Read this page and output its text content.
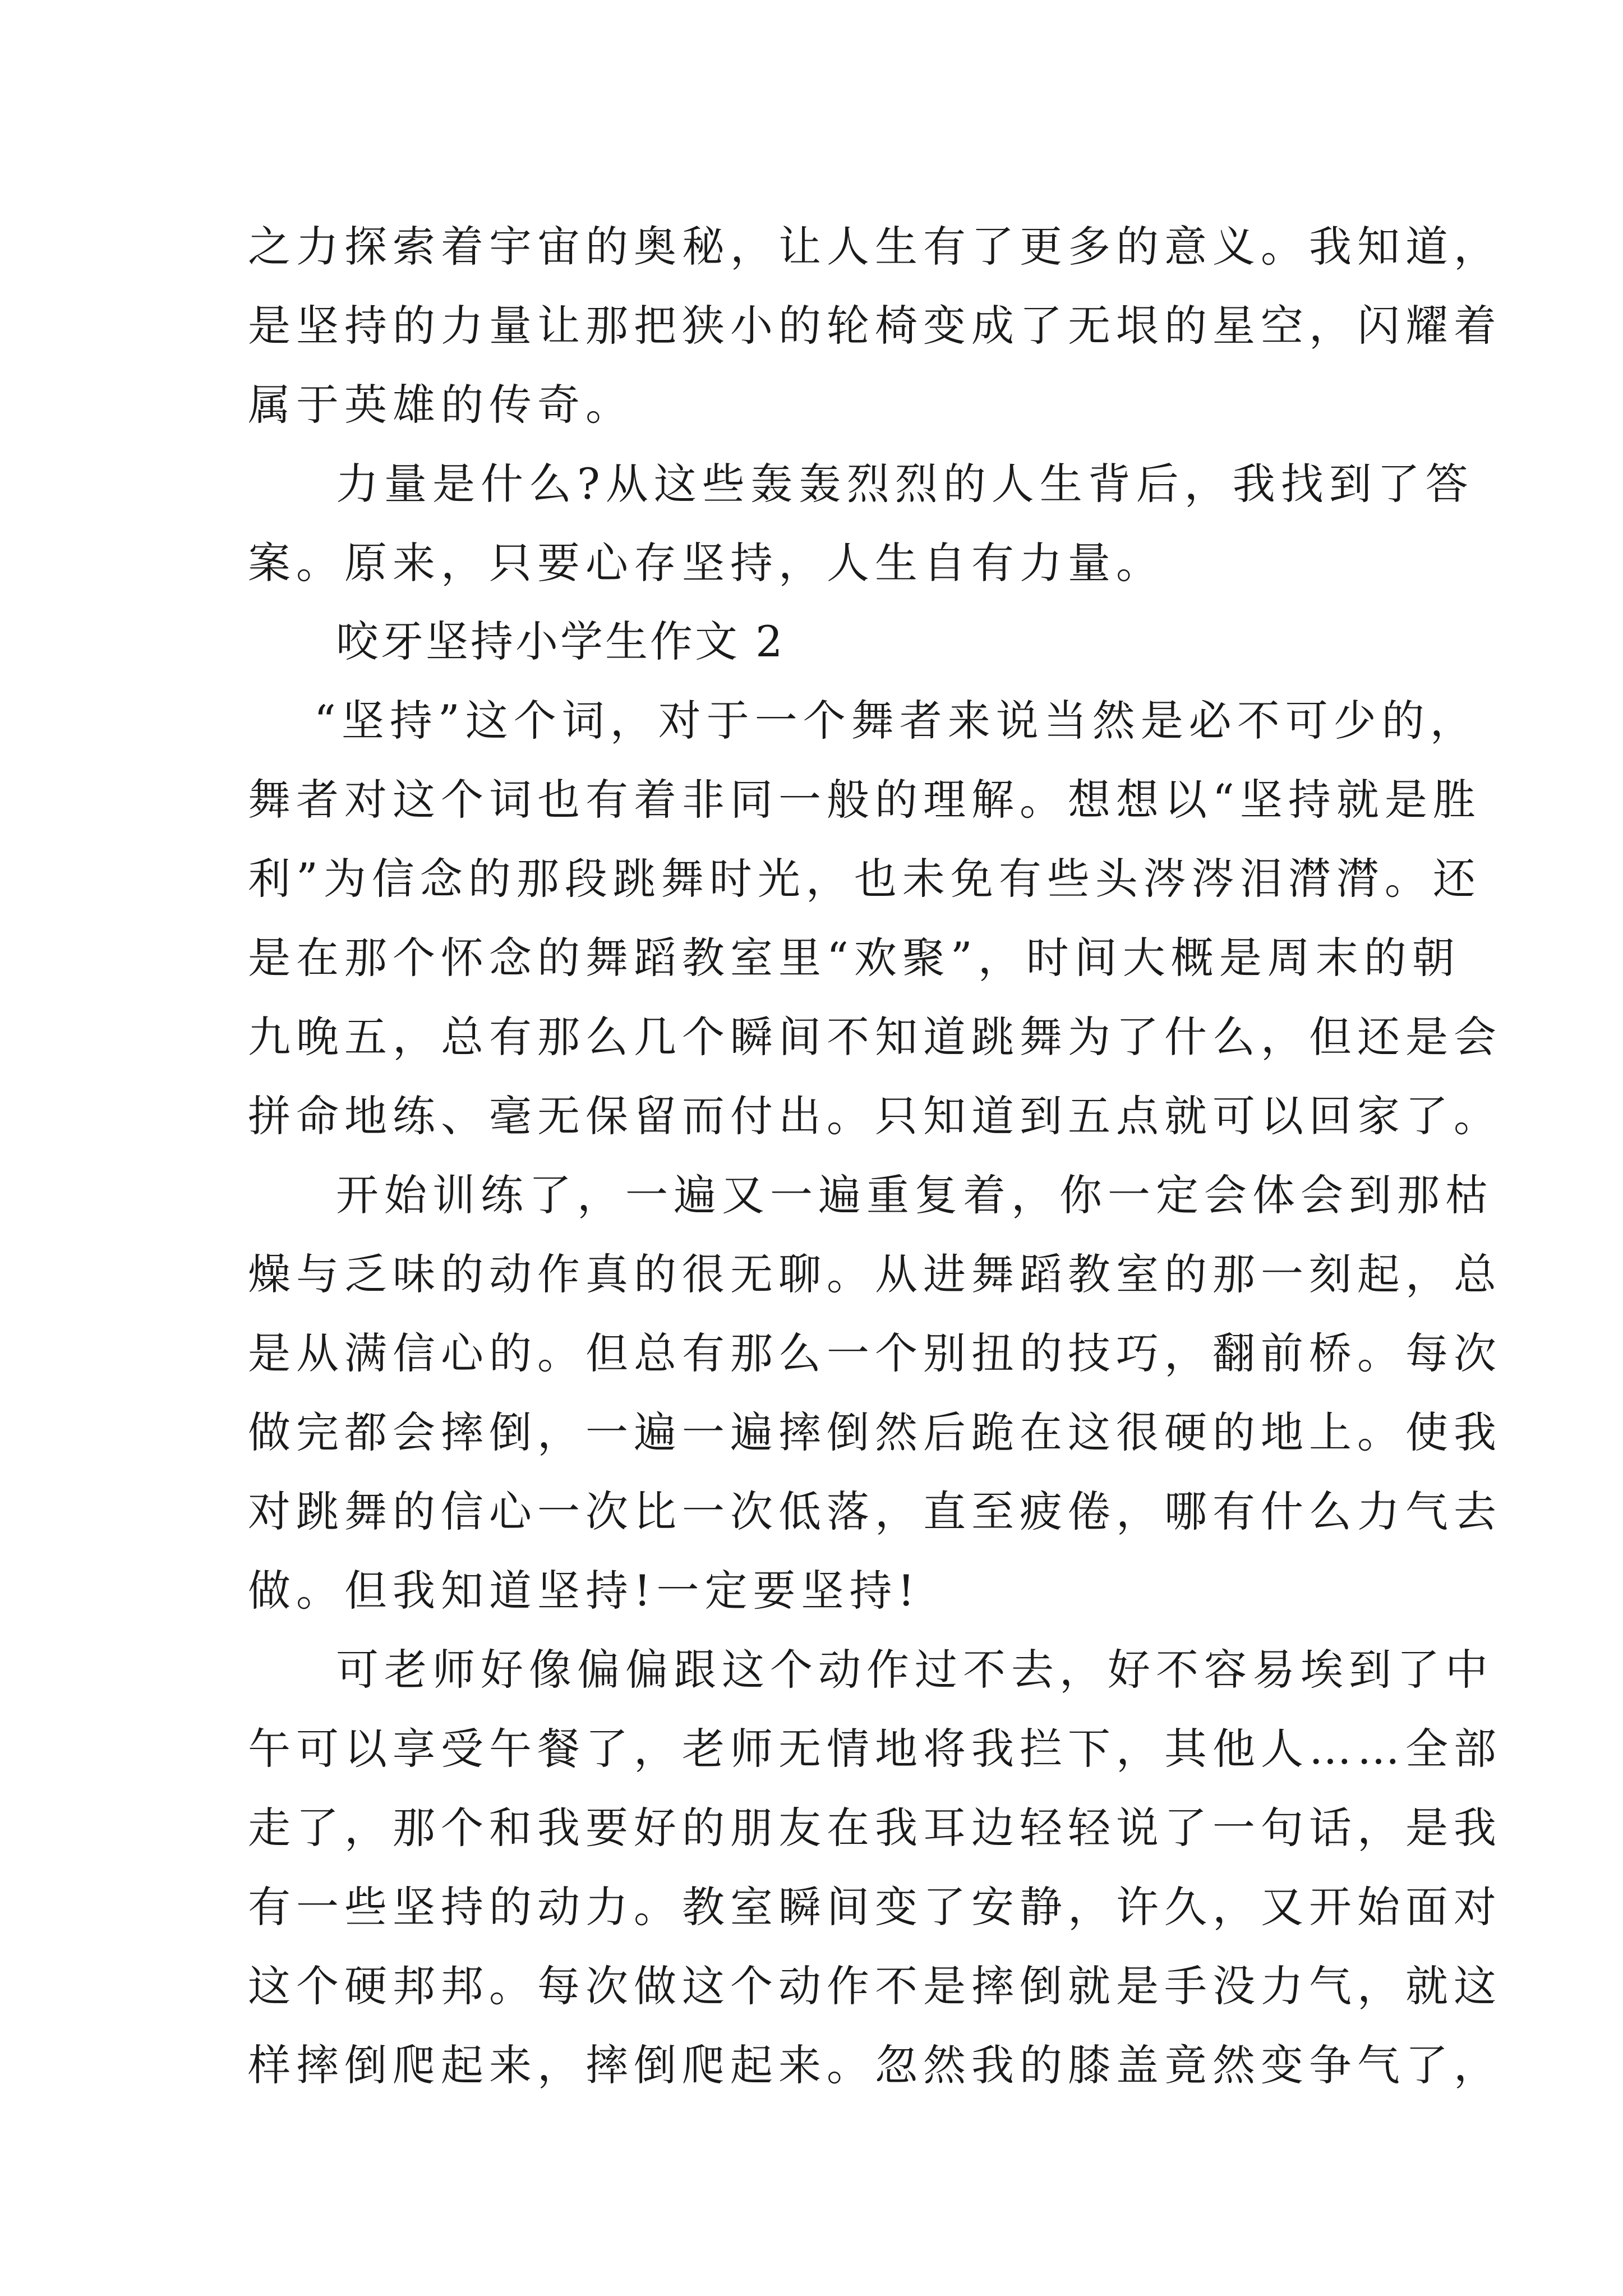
之力探索着宇宙的奥秘，让人生有了更多的意义。我知道，
是坚持的力量让那把狭小的轮椅变成了无垠的星空，闪耀着
属于英雄的传奇。
力量是什么?从这些轰轰烈烈的人生背后，我找到了答
案。原来，只要心存坚持，人生自有力量。
咬牙坚持小学生作文 2
“坚持”这个词，对于一个舞者来说当然是必不可少的，
舞者对这个词也有着非同一般的理解。想想以“坚持就是胜
利”为信念的那段跳舞时光，也未免有些头涔涔泪潸潸。还
是在那个怀念的舞蹈教室里“欢聚”，时间大概是周末的朝
九晚五，总有那么几个瞬间不知道跳舞为了什么，但还是会
拼命地练、毫无保留而付出。只知道到五点就可以回家了。
开始训练了，一遍又一遍重复着，你一定会体会到那枯
燥与乏味的动作真的很无聊。从进舞蹈教室的那一刻起，总
是从满信心的。但总有那么一个别扭的技巧，翻前桥。每次
做完都会摔倒，一遍一遍摔倒然后跪在这很硬的地上。使我
对跳舞的信心一次比一次低落，直至疲倦，哪有什么力气去
做。但我知道坚持!一定要坚持!
可老师好像偏偏跟这个动作过不去，好不容易埃到了中
午可以享受午餐了，老师无情地将我拦下，其他人……全部
走了，那个和我要好的朋友在我耳边轻轻说了一句话，是我
有一些坚持的动力。教室瞬间变了安静，许久，又开始面对
这个硬邦邦。每次做这个动作不是摔倒就是手没力气，就这
样摔倒爬起来，摔倒爬起来。忽然我的膝盖竟然变争气了，
